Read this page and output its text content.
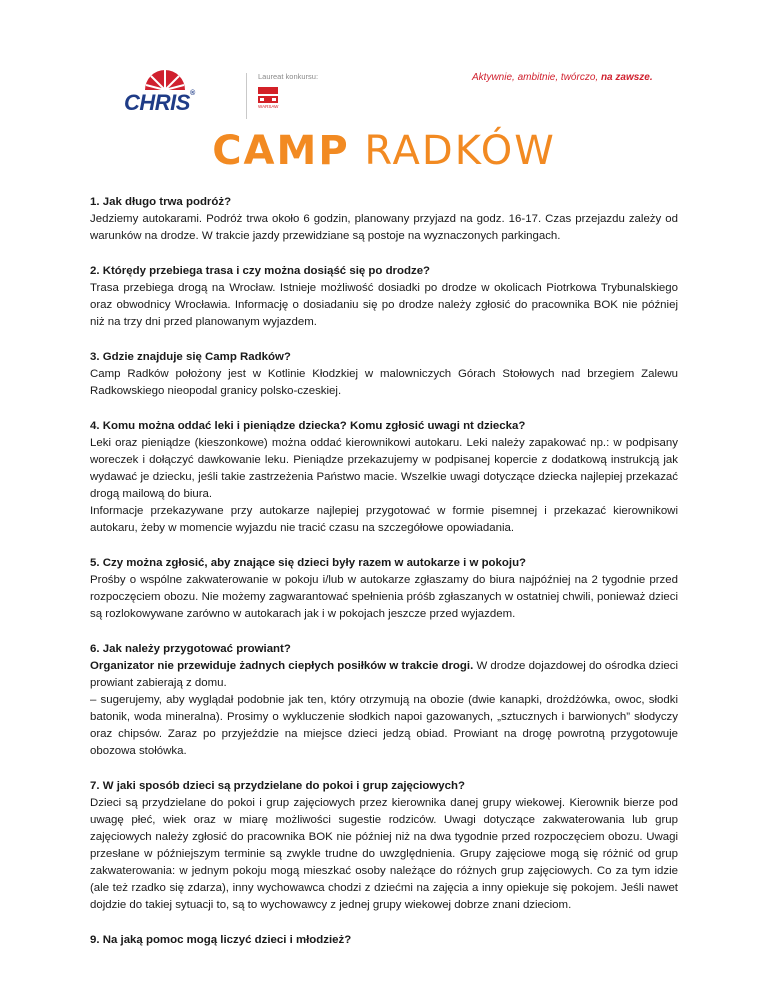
CHRIS®
Laureat konkursu:
WARSAW
Aktywnie, ambitnie, twórczo, na zawsze.
CAMP RADKÓW

1. Jak długo trwa podróż?

Jedziemy autokarami. Podróż trwa około 6 godzin, planowany przyjazd na godz. 16-17. Czas przejazdu zależy od warunków na drodze. W trakcie jazdy przewidziane są postoje na wyznaczonych parkingach.

2. Którędy przebiega trasa i czy można dosiąść się po drodze?

Trasa przebiega drogą na Wrocław. Istnieje możliwość dosiadki po drodze w okolicach Piotrkowa Trybunalskiego oraz obwodnicy Wrocławia. Informację o dosiadaniu się po drodze należy zgłosić do pracownika BOK nie później niż na trzy dni przed planowanym wyjazdem.

3. Gdzie znajduje się Camp Radków?

Camp Radków położony jest w Kotlinie Kłodzkiej w malowniczych Górach Stołowych nad brzegiem Zalewu Radkowskiego nieopodal granicy polsko-czeskiej.

4. Komu można oddać leki i pieniądze dziecka? Komu zgłosić uwagi nt dziecka?

Leki oraz pieniądze (kieszonkowe) można oddać kierownikowi autokaru. Leki należy zapakować np.: w podpisany woreczek i dołączyć dawkowanie leku. Pieniądze przekazujemy w podpisanej kopercie z dodatkową instrukcją jak wydawać je dziecku, jeśli takie zastrzeżenia Państwo macie. Wszelkie uwagi dotyczące dziecka najlepiej przekazać drogą mailową do biura.

Informacje przekazywane przy autokarze najlepiej przygotować w formie pisemnej i przekazać kierownikowi autokaru, żeby w momencie wyjazdu nie tracić czasu na szczegółowe opowiadania.

5. Czy można zgłosić, aby znające się dzieci były razem w autokarze i w pokoju?

Prośby o wspólne zakwaterowanie w pokoju i/lub w autokarze zgłaszamy do biura najpóźniej na 2 tygodnie przed rozpoczęciem obozu. Nie możemy zagwarantować spełnienia próśb zgłaszanych w ostatniej chwili, ponieważ dzieci są rozlokowywane zarówno w autokarach jak i w pokojach jeszcze przed wyjazdem.

6. Jak należy przygotować prowiant?

Organizator nie przewiduje żadnych ciepłych posiłków w trakcie drogi. W drodze dojazdowej do ośrodka dzieci prowiant zabierają z domu.

– sugerujemy, aby wyglądał podobnie jak ten, który otrzymują na obozie (dwie kanapki, drożdżówka, owoc, słodki batonik, woda mineralna). Prosimy o wykluczenie słodkich napoi gazowanych, „sztucznych i barwionych” słodyczy oraz chipsów. Zaraz po przyjeździe na miejsce dzieci jedzą obiad. Prowiant na drogę powrotną przygotowuje obozowa stołówka.

7. W jaki sposób dzieci są przydzielane do pokoi i grup zajęciowych?

Dzieci są przydzielane do pokoi i grup zajęciowych przez kierownika danej grupy wiekowej. Kierownik bierze pod uwagę płeć, wiek oraz w miarę możliwości sugestie rodziców. Uwagi dotyczące zakwaterowania lub grup zajęciowych należy zgłosić do pracownika BOK nie później niż na dwa tygodnie przed rozpoczęciem obozu. Uwagi przesłane w późniejszym terminie są zwykle trudne do uwzględnienia. Grupy zajęciowe mogą się różnić od grup zakwaterowania: w jednym pokoju mogą mieszkać osoby należące do różnych grup zajęciowych. Co za tym idzie (ale też rzadko się zdarza), inny wychowawca chodzi z dziećmi na zajęcia a inny opiekuje się pokojem. Jeśli nawet dojdzie do takiej sytuacji to, są to wychowawcy z jednej grupy wiekowej dobrze znani dzieciom.

9. Na jaką pomoc mogą liczyć dzieci i młodzież?
